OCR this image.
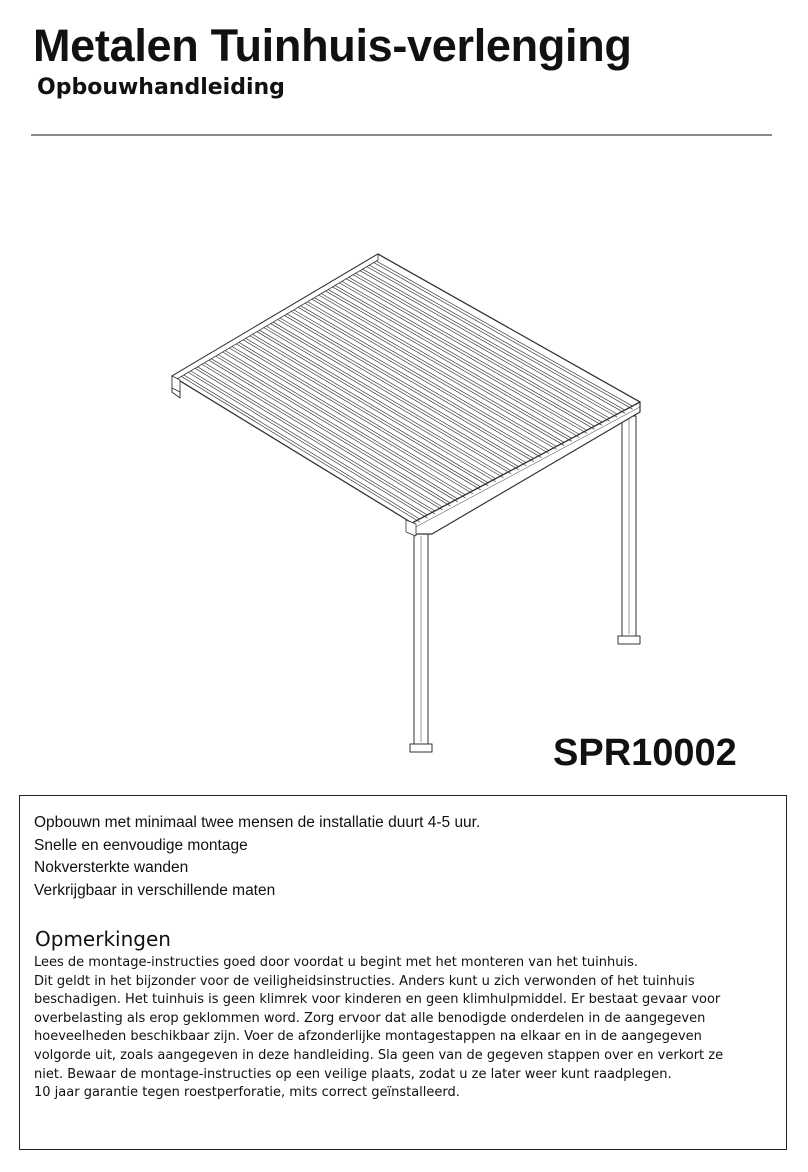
Metalen Tuinhuis-verlenging
Opbouwhandleiding
SPR10002
Opbouwn met minimaal twee mensen de installatie duurt 4-5 uur.
Snelle en eenvoudige montage
Nokversterkte wanden
Verkrijgbaar in verschillende maten
Opmerkingen

Lees de montage-instructies goed door voordat u begint met het monteren van het tuinhuis.
Dit geldt in het bijzonder voor de veiligheidsinstructies. Anders kunt u zich verwonden of het tuinhuis
beschadigen. Het tuinhuis is geen klimrek voor kinderen en geen klimhulpmiddel. Er bestaat gevaar voor
overbelasting als erop geklommen word. Zorg ervoor dat alle benodigde onderdelen in de aangegeven
hoeveelheden beschikbaar zijn. Voer de afzonderlijke montagestappen na elkaar en in de aangegeven
volgorde uit, zoals aangegeven in deze handleiding. Sla geen van de gegeven stappen over en verkort ze
niet. Bewaar de montage-instructies op een veilige plaats, zodat u ze later weer kunt raadplegen.
10 jaar garantie tegen roestperforatie, mits correct geïnstalleerd.
